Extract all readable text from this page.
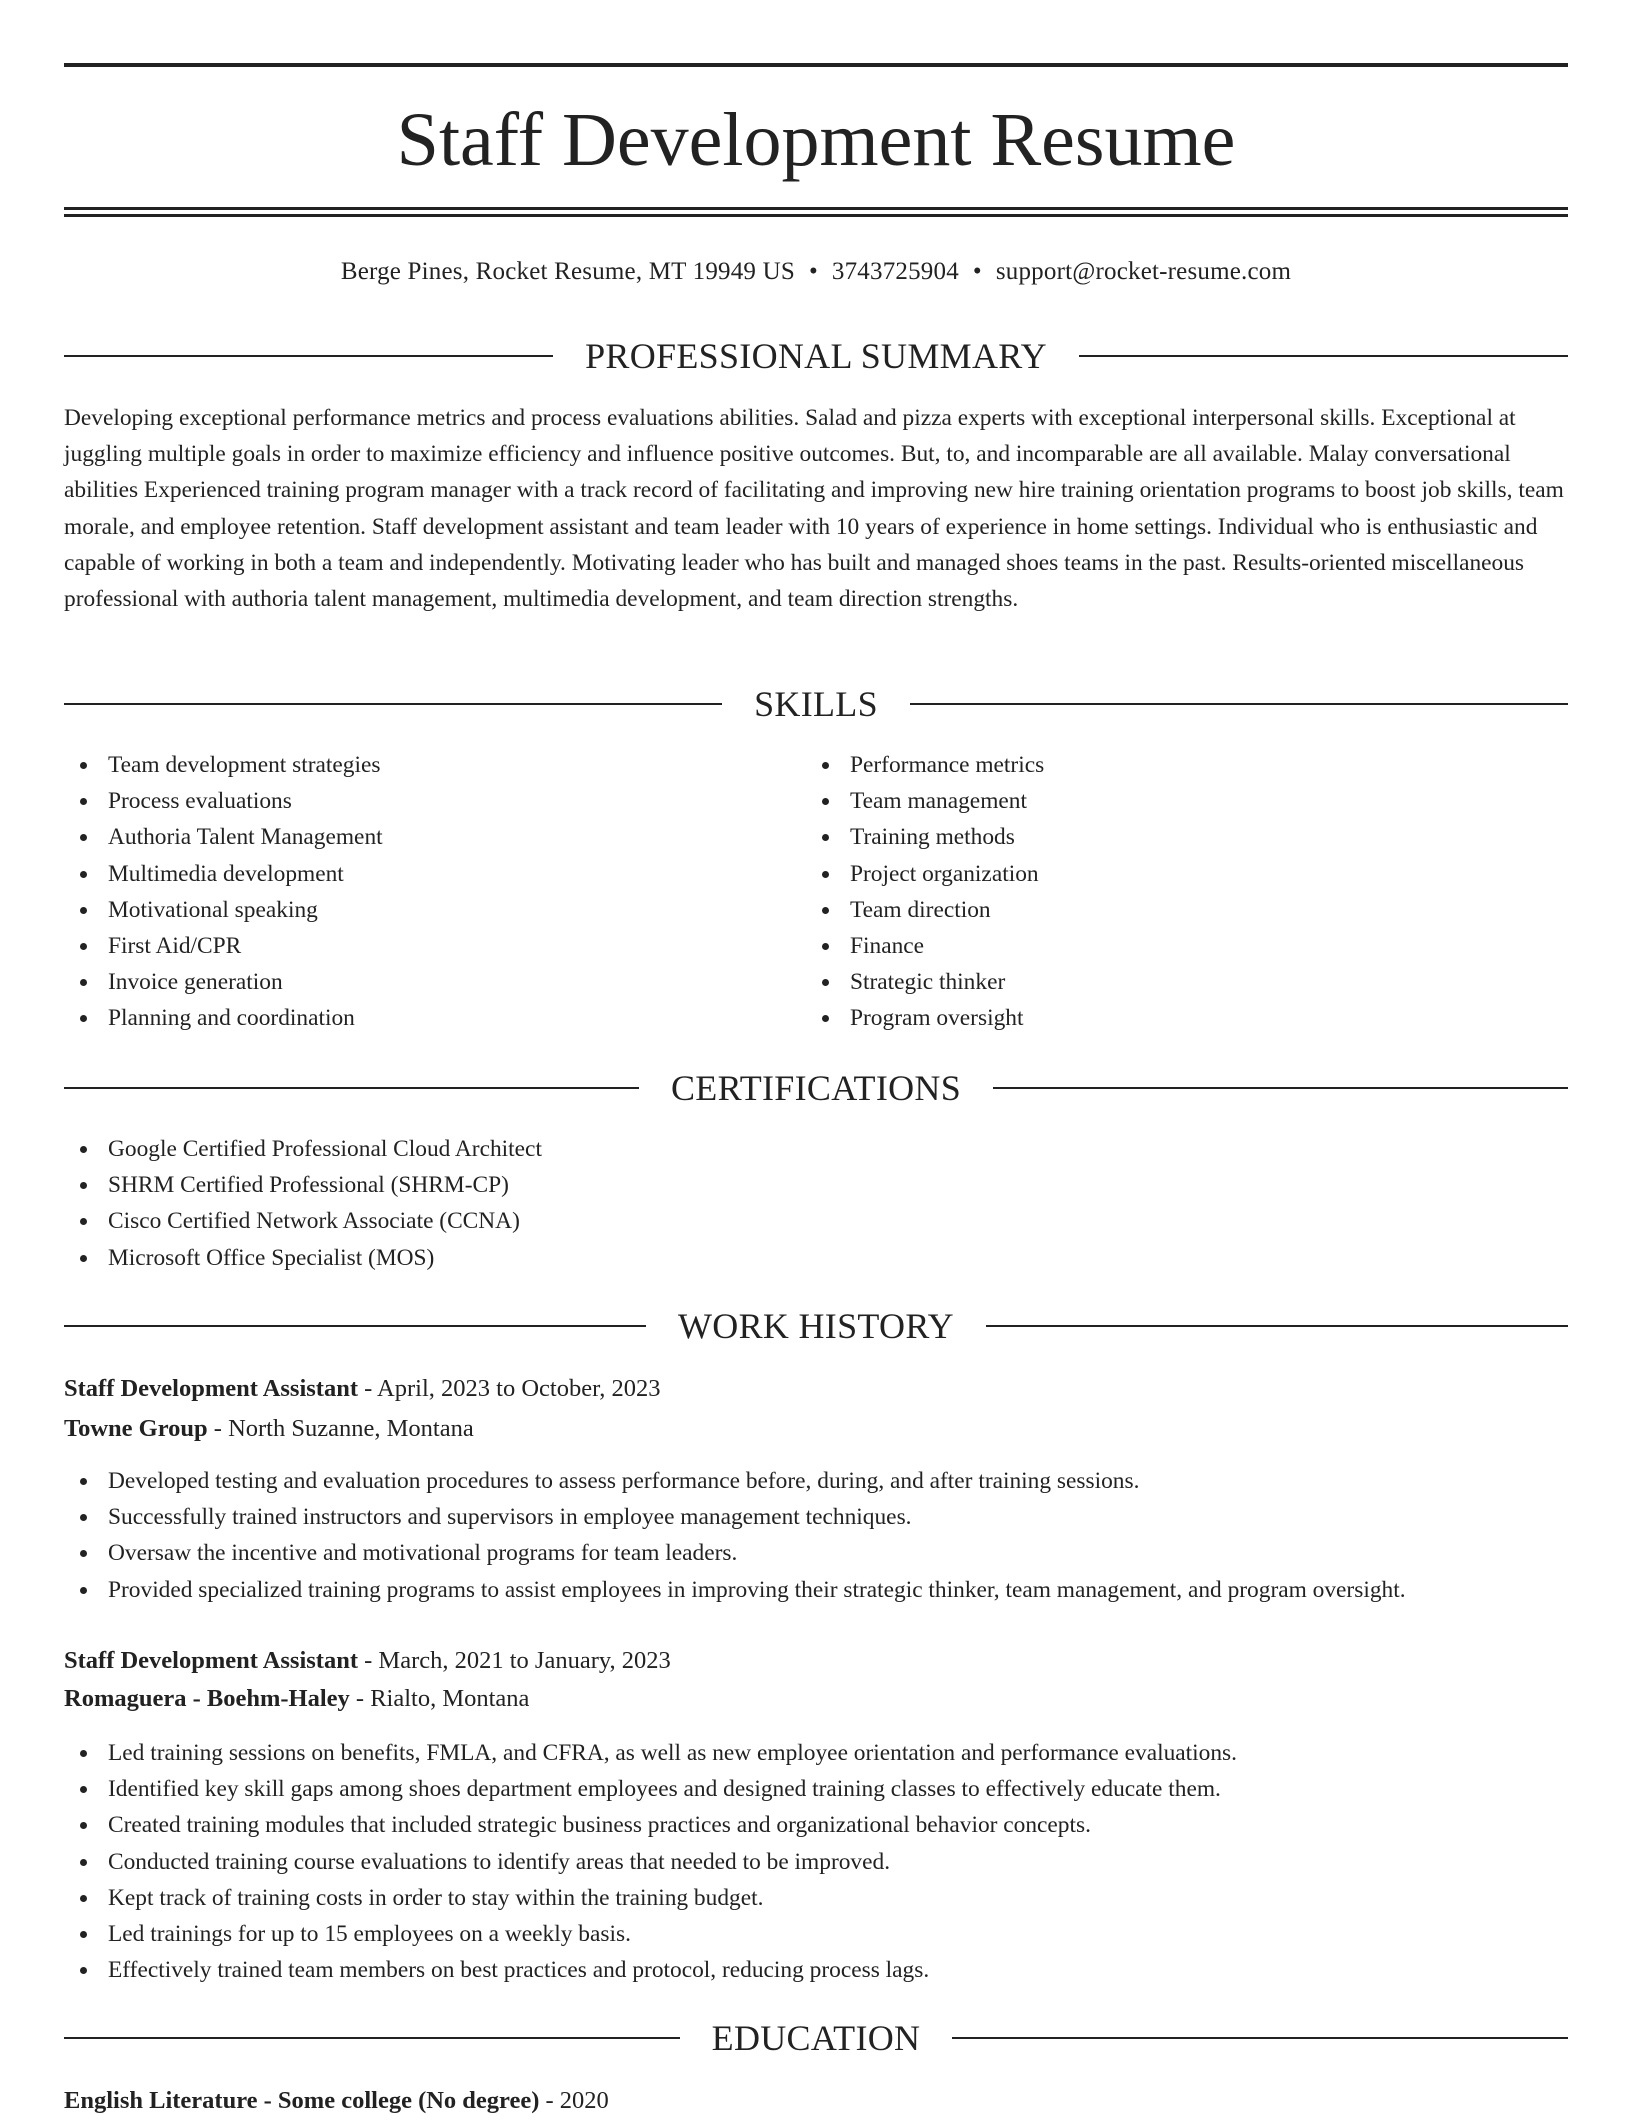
Staff Development Resume
Berge Pines, Rocket Resume, MT 19949 US • 3743725904 • support@rocket-resume.com
PROFESSIONAL SUMMARY

Developing exceptional performance metrics and process evaluations abilities. Salad and pizza experts with exceptional interpersonal skills. Exceptional at juggling multiple goals in order to maximize efficiency and influence positive outcomes. But, to, and incomparable are all available. Malay conversational abilities Experienced training program manager with a track record of facilitating and improving new hire training orientation programs to boost job skills, team morale, and employee retention. Staff development assistant and team leader with 10 years of experience in home settings. Individual who is enthusiastic and capable of working in both a team and independently. Motivating leader who has built and managed shoes teams in the past. Results-oriented miscellaneous professional with authoria talent management, multimedia development, and team direction strengths.

SKILLS
Team development strategies
Process evaluations
Authoria Talent Management
Multimedia development
Motivational speaking
First Aid/CPR
Invoice generation
Planning and coordination
Performance metrics
Team management
Training methods
Project organization
Team direction
Finance
Strategic thinker
Program oversight
CERTIFICATIONS
Google Certified Professional Cloud Architect
SHRM Certified Professional (SHRM-CP)
Cisco Certified Network Associate (CCNA)
Microsoft Office Specialist (MOS)
WORK HISTORY
Staff Development Assistant - April, 2023 to October, 2023
Towne Group - North Suzanne, Montana
Developed testing and evaluation procedures to assess performance before, during, and after training sessions.
Successfully trained instructors and supervisors in employee management techniques.
Oversaw the incentive and motivational programs for team leaders.
Provided specialized training programs to assist employees in improving their strategic thinker, team management, and program oversight.
Staff Development Assistant - March, 2021 to January, 2023
Romaguera - Boehm-Haley - Rialto, Montana
Led training sessions on benefits, FMLA, and CFRA, as well as new employee orientation and performance evaluations.
Identified key skill gaps among shoes department employees and designed training classes to effectively educate them.
Created training modules that included strategic business practices and organizational behavior concepts.
Conducted training course evaluations to identify areas that needed to be improved.
Kept track of training costs in order to stay within the training budget.
Led trainings for up to 15 employees on a weekly basis.
Effectively trained team members on best practices and protocol, reducing process lags.
EDUCATION
English Literature - Some college (No degree) - 2020
